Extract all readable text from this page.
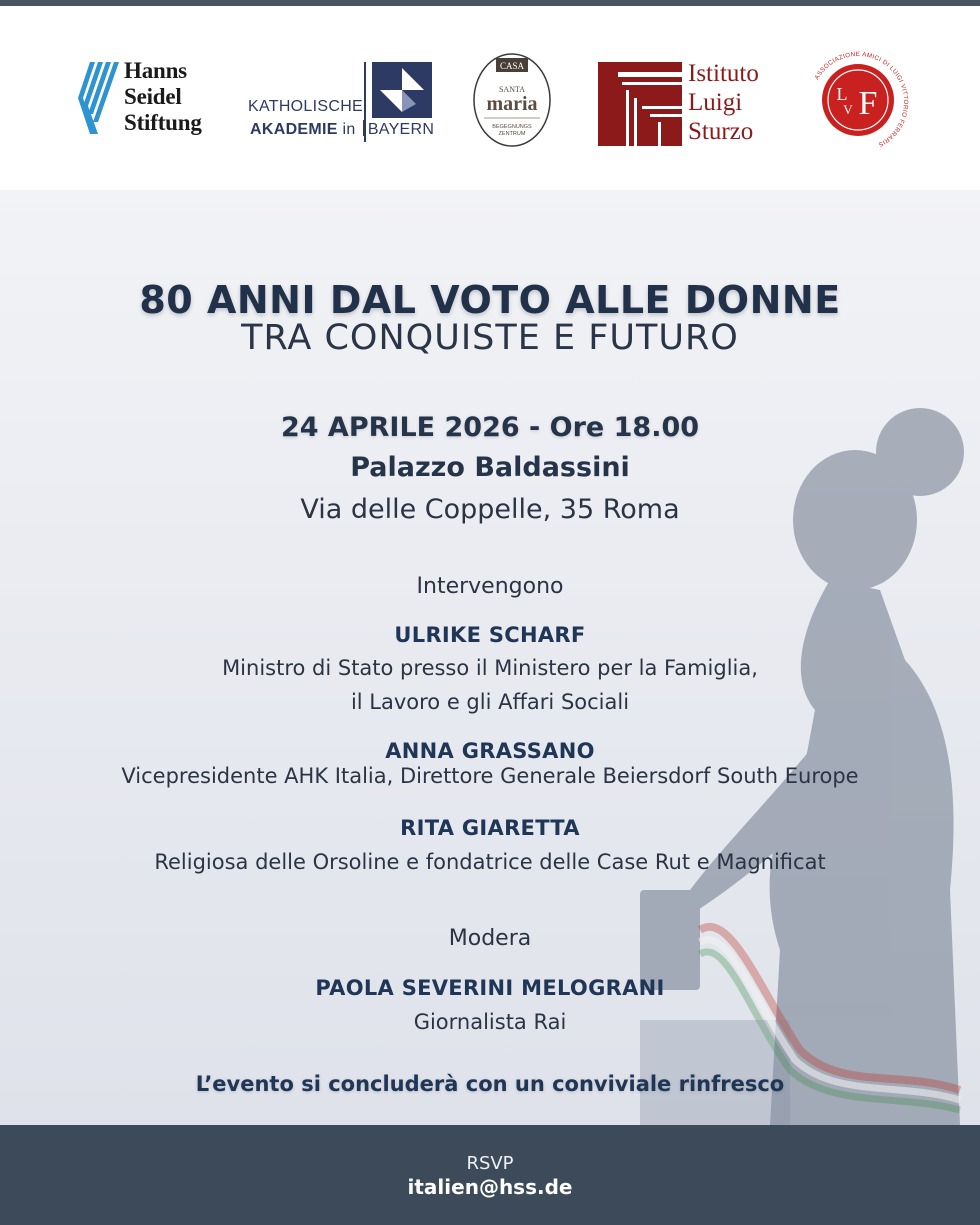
Hanns
Seidel
Stiftung
KATHOLISCHE
AKADEMIE in BAYERN
CASA
SANTA
maria
BEGEGNUNGS
ZENTRUM
Istituto
Luigi
Sturzo
L
V F
ASSOCIAZIONE AMICI DI LUIGI VITTORIO FERRARIS
80 ANNI DAL VOTO ALLE DONNE
TRA CONQUISTE E FUTURO
24 APRILE 2026 - Ore 18.00
Palazzo Baldassini
Via delle Coppelle, 35 Roma
Intervengono
ULRIKE SCHARF
Ministro di Stato presso il Ministero per la Famiglia,
il Lavoro e gli Affari Sociali
ANNA GRASSANO
Vicepresidente AHK Italia, Direttore Generale Beiersdorf South Europe
RITA GIARETTA
Religiosa delle Orsoline e fondatrice delle Case Rut e Magnificat
Modera
PAOLA SEVERINI MELOGRANI
Giornalista Rai
L’evento si concluderà con un conviviale rinfresco
RSVP
italien@hss.de
